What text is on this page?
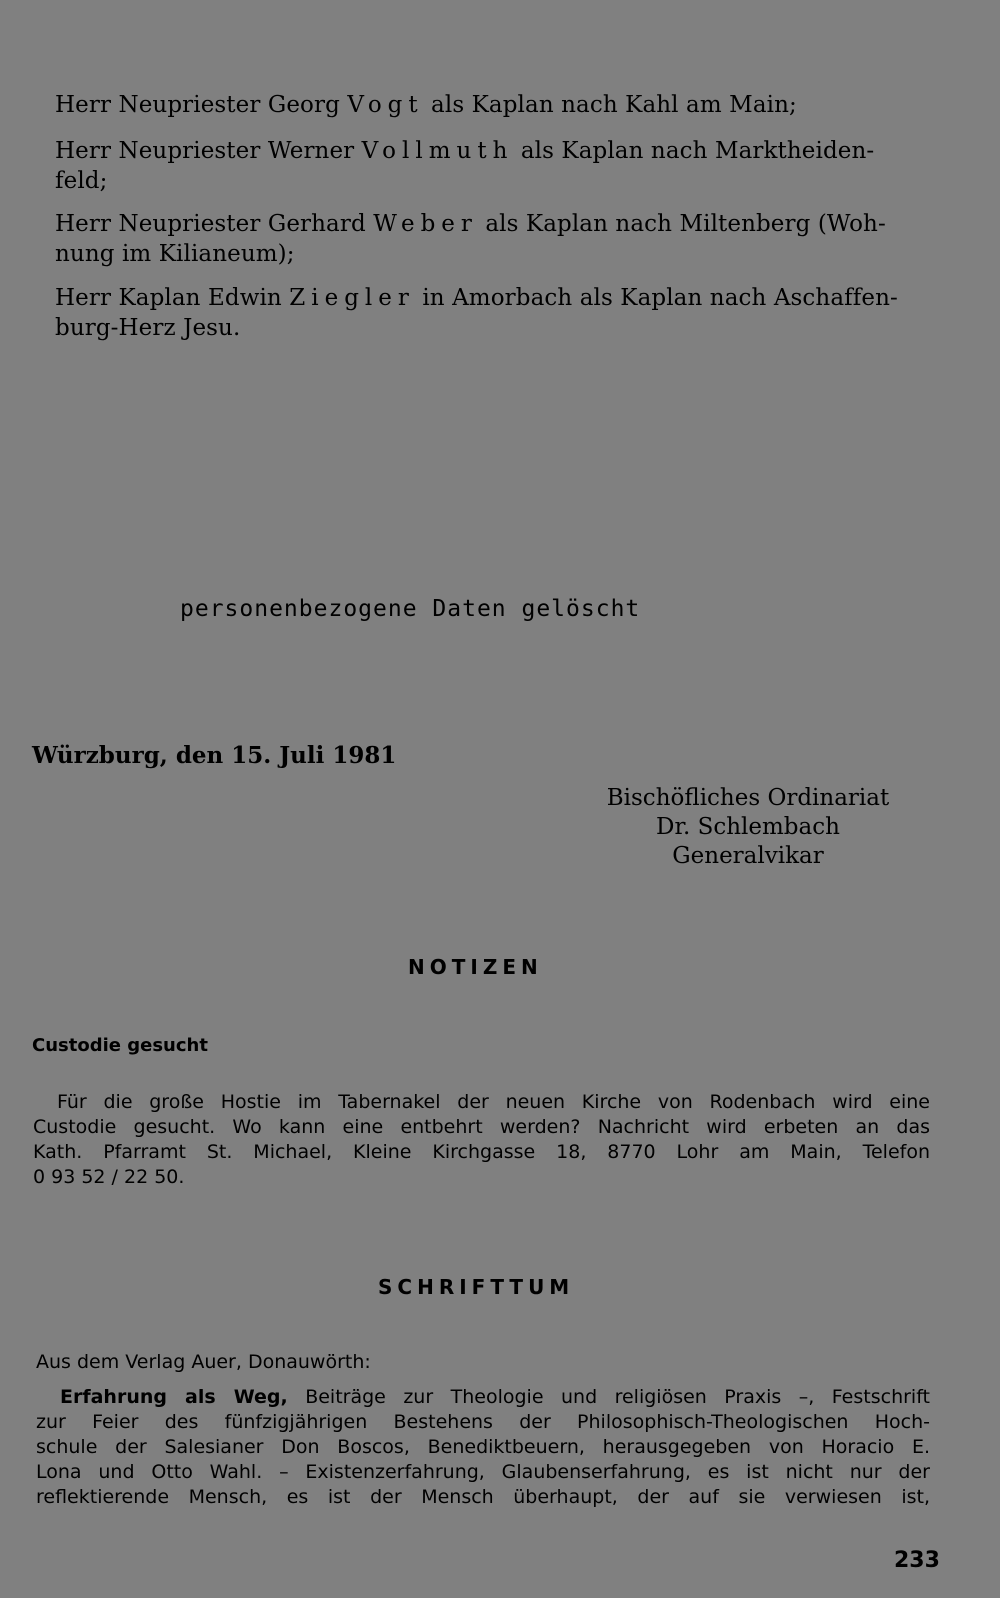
Herr Neupriester Georg Vogt als Kaplan nach Kahl am Main;
Herr Neupriester Werner Vollmuth als Kaplan nach Marktheiden-
feld;
Herr Neupriester Gerhard Weber als Kaplan nach Miltenberg (Woh-
nung im Kilianeum);
Herr Kaplan Edwin Ziegler in Amorbach als Kaplan nach Aschaffen-
burg-Herz Jesu.
personenbezogene Daten gelöscht
Würzburg, den 15. Juli 1981
Bischöfliches Ordinariat
Dr. Schlembach
Generalvikar
NOTIZEN
Custodie gesucht
Für die große Hostie im Tabernakel der neuen Kirche von Rodenbach wird eine
Custodie gesucht. Wo kann eine entbehrt werden? Nachricht wird erbeten an das
Kath. Pfarramt St. Michael, Kleine Kirchgasse 18, 8770 Lohr am Main, Telefon
0 93 52 / 22 50.
SCHRIFTTUM
Aus dem Verlag Auer, Donauwörth:
Erfahrung als Weg, Beiträge zur Theologie und religiösen Praxis –, Festschrift
zur Feier des fünfzigjährigen Bestehens der Philosophisch-Theologischen Hoch-
schule der Salesianer Don Boscos, Benediktbeuern, herausgegeben von Horacio E.
Lona und Otto Wahl. – Existenzerfahrung, Glaubenserfahrung, es ist nicht nur der
reflektierende Mensch, es ist der Mensch überhaupt, der auf sie verwiesen ist,
233
